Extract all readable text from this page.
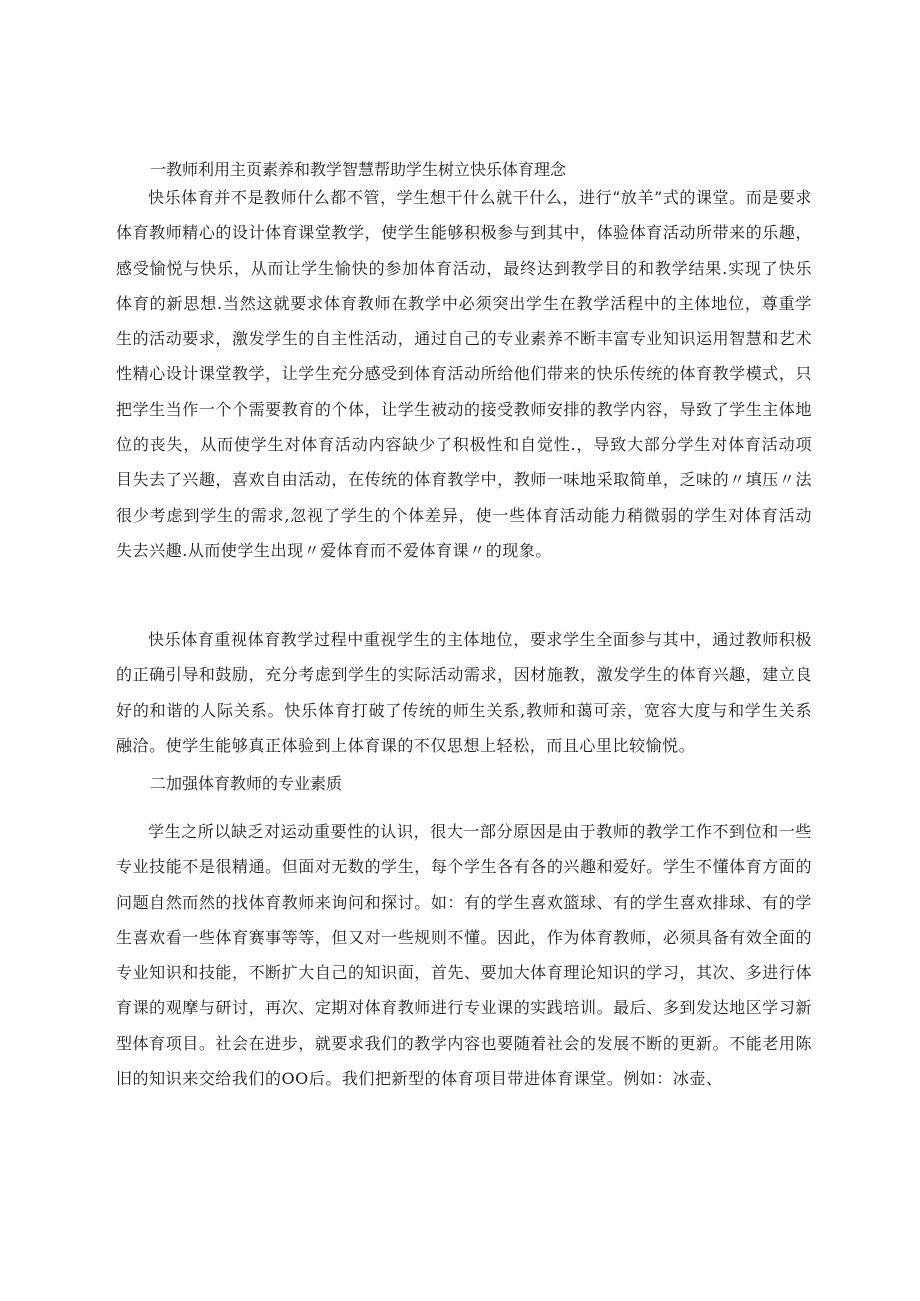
一教师利用主页素养和教学智慧帮助学生树立快乐体育理念

快乐体育并不是教师什么都不管，学生想干什么就干什么，进行“放羊”式的课堂。而是要求体育教师精心的设计体育课堂教学，使学生能够积极参与到其中，体验体育活动所带来的乐趣，感受愉悦与快乐，从而让学生愉快的参加体育活动，最终达到教学目的和教学结果.实现了快乐体育的新思想.当然这就要求体育教师在教学中必须突出学生在教学活程中的主体地位，尊重学生的活动要求，激发学生的自主性活动，通过自己的专业素养不断丰富专业知识运用智慧和艺术性精心设计课堂教学，让学生充分感受到体育活动所给他们带来的快乐传统的体育教学模式，只把学生当作一个个需要教育的个体，让学生被动的接受教师安排的教学内容，导致了学生主体地位的丧失，从而使学生对体育活动内容缺少了积极性和自觉性.，导致大部分学生对体育活动项目失去了兴趣，喜欢自由活动，在传统的体育教学中，教师一味地采取简单，乏味的〃填压〃法很少考虑到学生的需求,忽视了学生的个体差异，使一些体育活动能力稍微弱的学生对体育活动失去兴趣.从而使学生出现〃爱体育而不爱体育课〃的现象。

快乐体育重视体育教学过程中重视学生的主体地位，要求学生全面参与其中，通过教师积极的正确引导和鼓励，充分考虑到学生的实际活动需求，因材施教，激发学生的体育兴趣，建立良好的和谐的人际关系。快乐体育打破了传统的师生关系,教师和蔼可亲，宽容大度与和学生关系融洽。使学生能够真正体验到上体育课的不仅思想上轻松，而且心里比较愉悦。

二加强体育教师的专业素质

学生之所以缺乏对运动重要性的认识，很大一部分原因是由于教师的教学工作不到位和一些专业技能不是很精通。但面对无数的学生，每个学生各有各的兴趣和爱好。学生不懂体育方面的问题自然而然的找体育教师来询问和探讨。如：有的学生喜欢篮球、有的学生喜欢排球、有的学生喜欢看一些体育赛事等等，但又对一些规则不懂。因此，作为体育教师，必须具备有效全面的专业知识和技能，不断扩大自己的知识面，首先、要加大体育理论知识的学习，其次、多进行体育课的观摩与研讨，再次、定期对体育教师进行专业课的实践培训。最后、多到发达地区学习新型体育项目。社会在进步，就要求我们的教学内容也要随着社会的发展不断的更新。不能老用陈旧的知识来交给我们的OO后。我们把新型的体育项目带进体育课堂。例如：冰壶、
